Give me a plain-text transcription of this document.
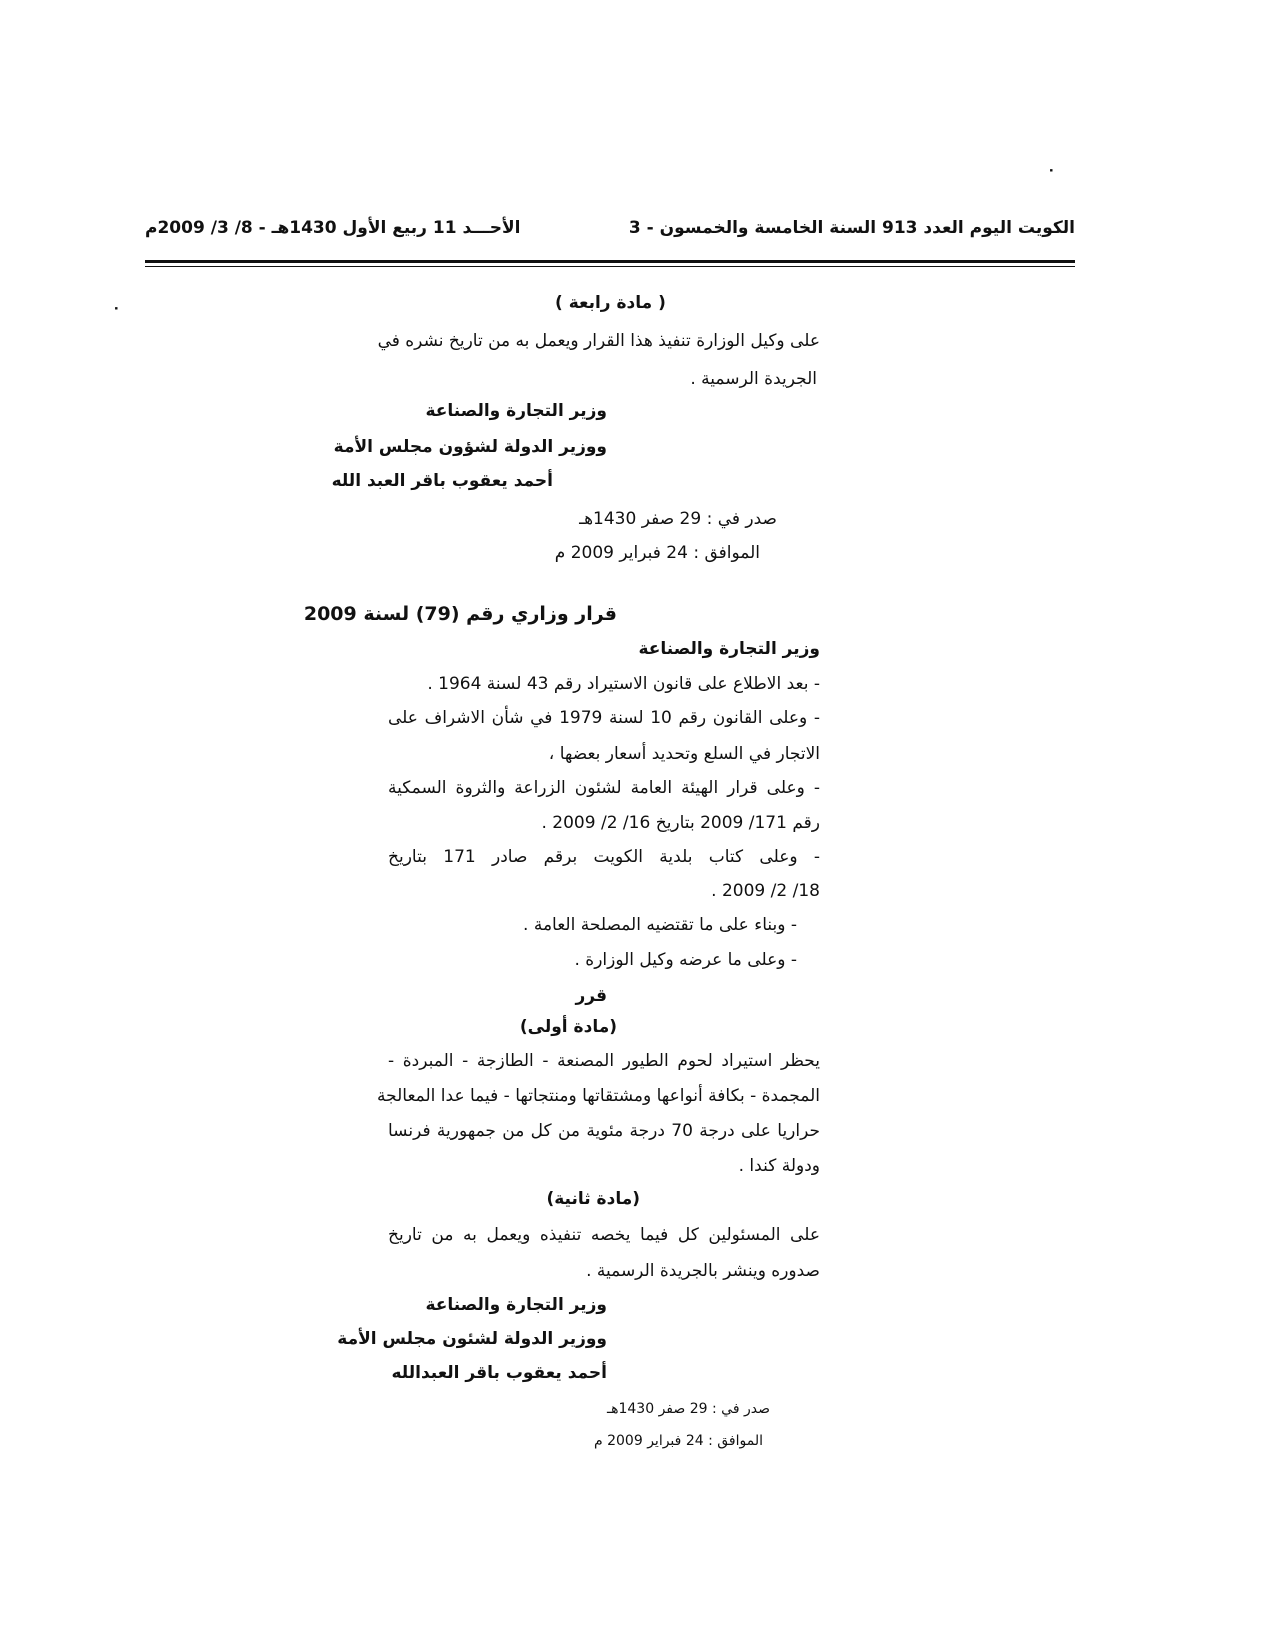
الكويت اليوم العدد 913 السنة الخامسة والخمسون - 3
الأحـــد 11 ربيع الأول 1430هـ - 8/ 3/ 2009م
٠
٠	( مادة رابعة )
على وكيل الوزارة تنفيذ هذا القرار ويعمل به من تاريخ نشره في
الجريدة الرسمية .
وزير التجارة والصناعة
ووزير الدولة لشؤون مجلس الأمة
أحمد يعقوب باقر العبد الله
صدر في : 29 صفر 1430هـ
الموافق : 24 فبراير 2009 م
قرار وزاري رقم (79) لسنة 2009
وزير التجارة والصناعة
- بعد الاطلاع على قانون الاستيراد رقم 43 لسنة 1964 .
- وعلى القانون رقم 10 لسنة 1979 في شأن الاشراف على
الاتجار في السلع وتحديد أسعار بعضها ،
- وعلى قرار الهيئة العامة لشئون الزراعة والثروة السمكية
رقم 171/ 2009 بتاريخ 16/ 2/ 2009 .
- وعلى كتاب بلدية الكويت برقم صادر 171 بتاريخ
18/ 2/ 2009 .
- وبناء على ما تقتضيه المصلحة العامة .
- وعلى ما عرضه وكيل الوزارة .
قرر
(مادة أولى)
يحظر استيراد لحوم الطيور المصنعة - الطازجة - المبردة -
المجمدة - بكافة أنواعها ومشتقاتها ومنتجاتها - فيما عدا المعالجة
حراريا على درجة 70 درجة مئوية من كل من جمهورية فرنسا
ودولة كندا .
(مادة ثانية)
على المسئولين كل فيما يخصه تنفيذه ويعمل به من تاريخ
صدوره وينشر بالجريدة الرسمية .
وزير التجارة والصناعة
ووزير الدولة لشئون مجلس الأمة
أحمد يعقوب باقر العبدالله
صدر في : 29 صفر 1430هـ
الموافق : 24 فبراير 2009 م
